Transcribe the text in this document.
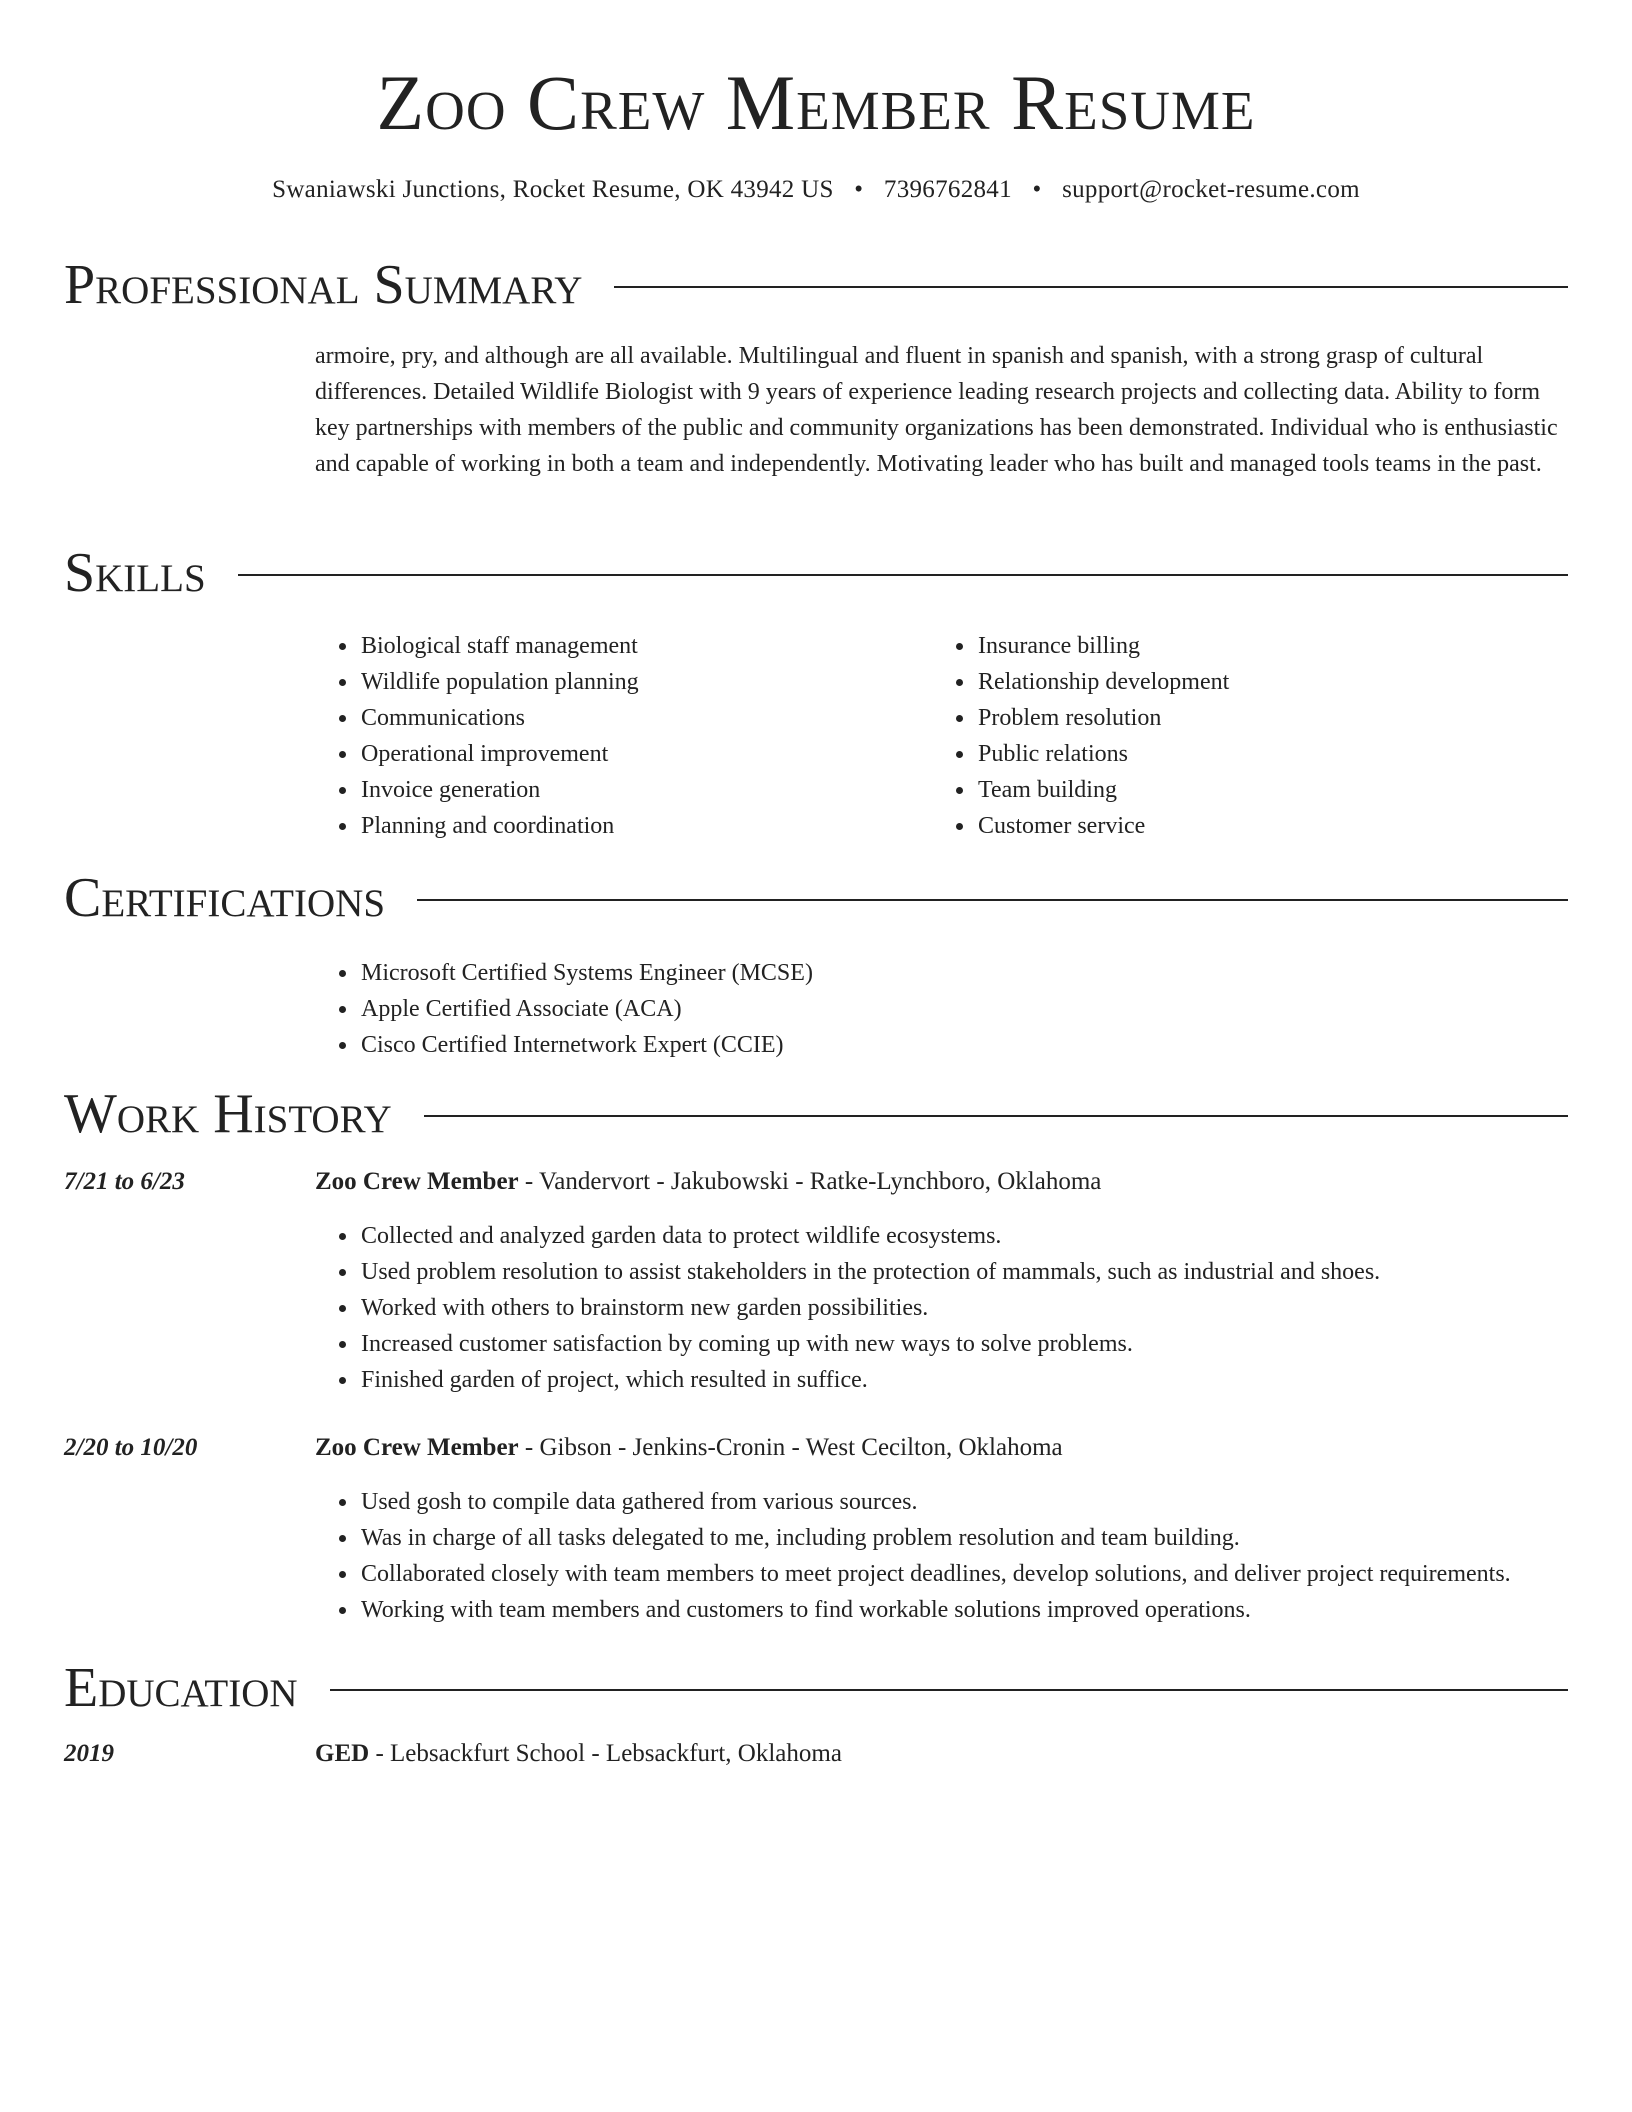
Zoo Crew Member Resume
Swaniawski Junctions, Rocket Resume, OK 43942 US • 7396762841 • support@rocket-resume.com
Professional Summary

armoire, pry, and although are all available. Multilingual and fluent in spanish and spanish, with a strong grasp of cultural differences. Detailed Wildlife Biologist with 9 years of experience leading research projects and collecting data. Ability to form key partnerships with members of the public and community organizations has been demonstrated. Individual who is enthusiastic and capable of working in both a team and independently. Motivating leader who has built and managed tools teams in the past.

Skills
• Biological staff management
• Wildlife population planning
• Communications
• Operational improvement
• Invoice generation
• Planning and coordination
• Insurance billing
• Relationship development
• Problem resolution
• Public relations
• Team building
• Customer service
Certifications
• Microsoft Certified Systems Engineer (MCSE)
• Apple Certified Associate (ACA)
• Cisco Certified Internetwork Expert (CCIE)
Work History
7/21 to 6/23	Zoo Crew Member - Vandervort - Jakubowski - Ratke-Lynchboro, Oklahoma
• Collected and analyzed garden data to protect wildlife ecosystems.
• Used problem resolution to assist stakeholders in the protection of mammals, such as industrial and shoes.
• Worked with others to brainstorm new garden possibilities.
• Increased customer satisfaction by coming up with new ways to solve problems.
• Finished garden of project, which resulted in suffice.
2/20 to 10/20	Zoo Crew Member - Gibson - Jenkins-Cronin - West Cecilton, Oklahoma
• Used gosh to compile data gathered from various sources.
• Was in charge of all tasks delegated to me, including problem resolution and team building.
• Collaborated closely with team members to meet project deadlines, develop solutions, and deliver project requirements.
• Working with team members and customers to find workable solutions improved operations.
Education
2019	GED - Lebsackfurt School - Lebsackfurt, Oklahoma
